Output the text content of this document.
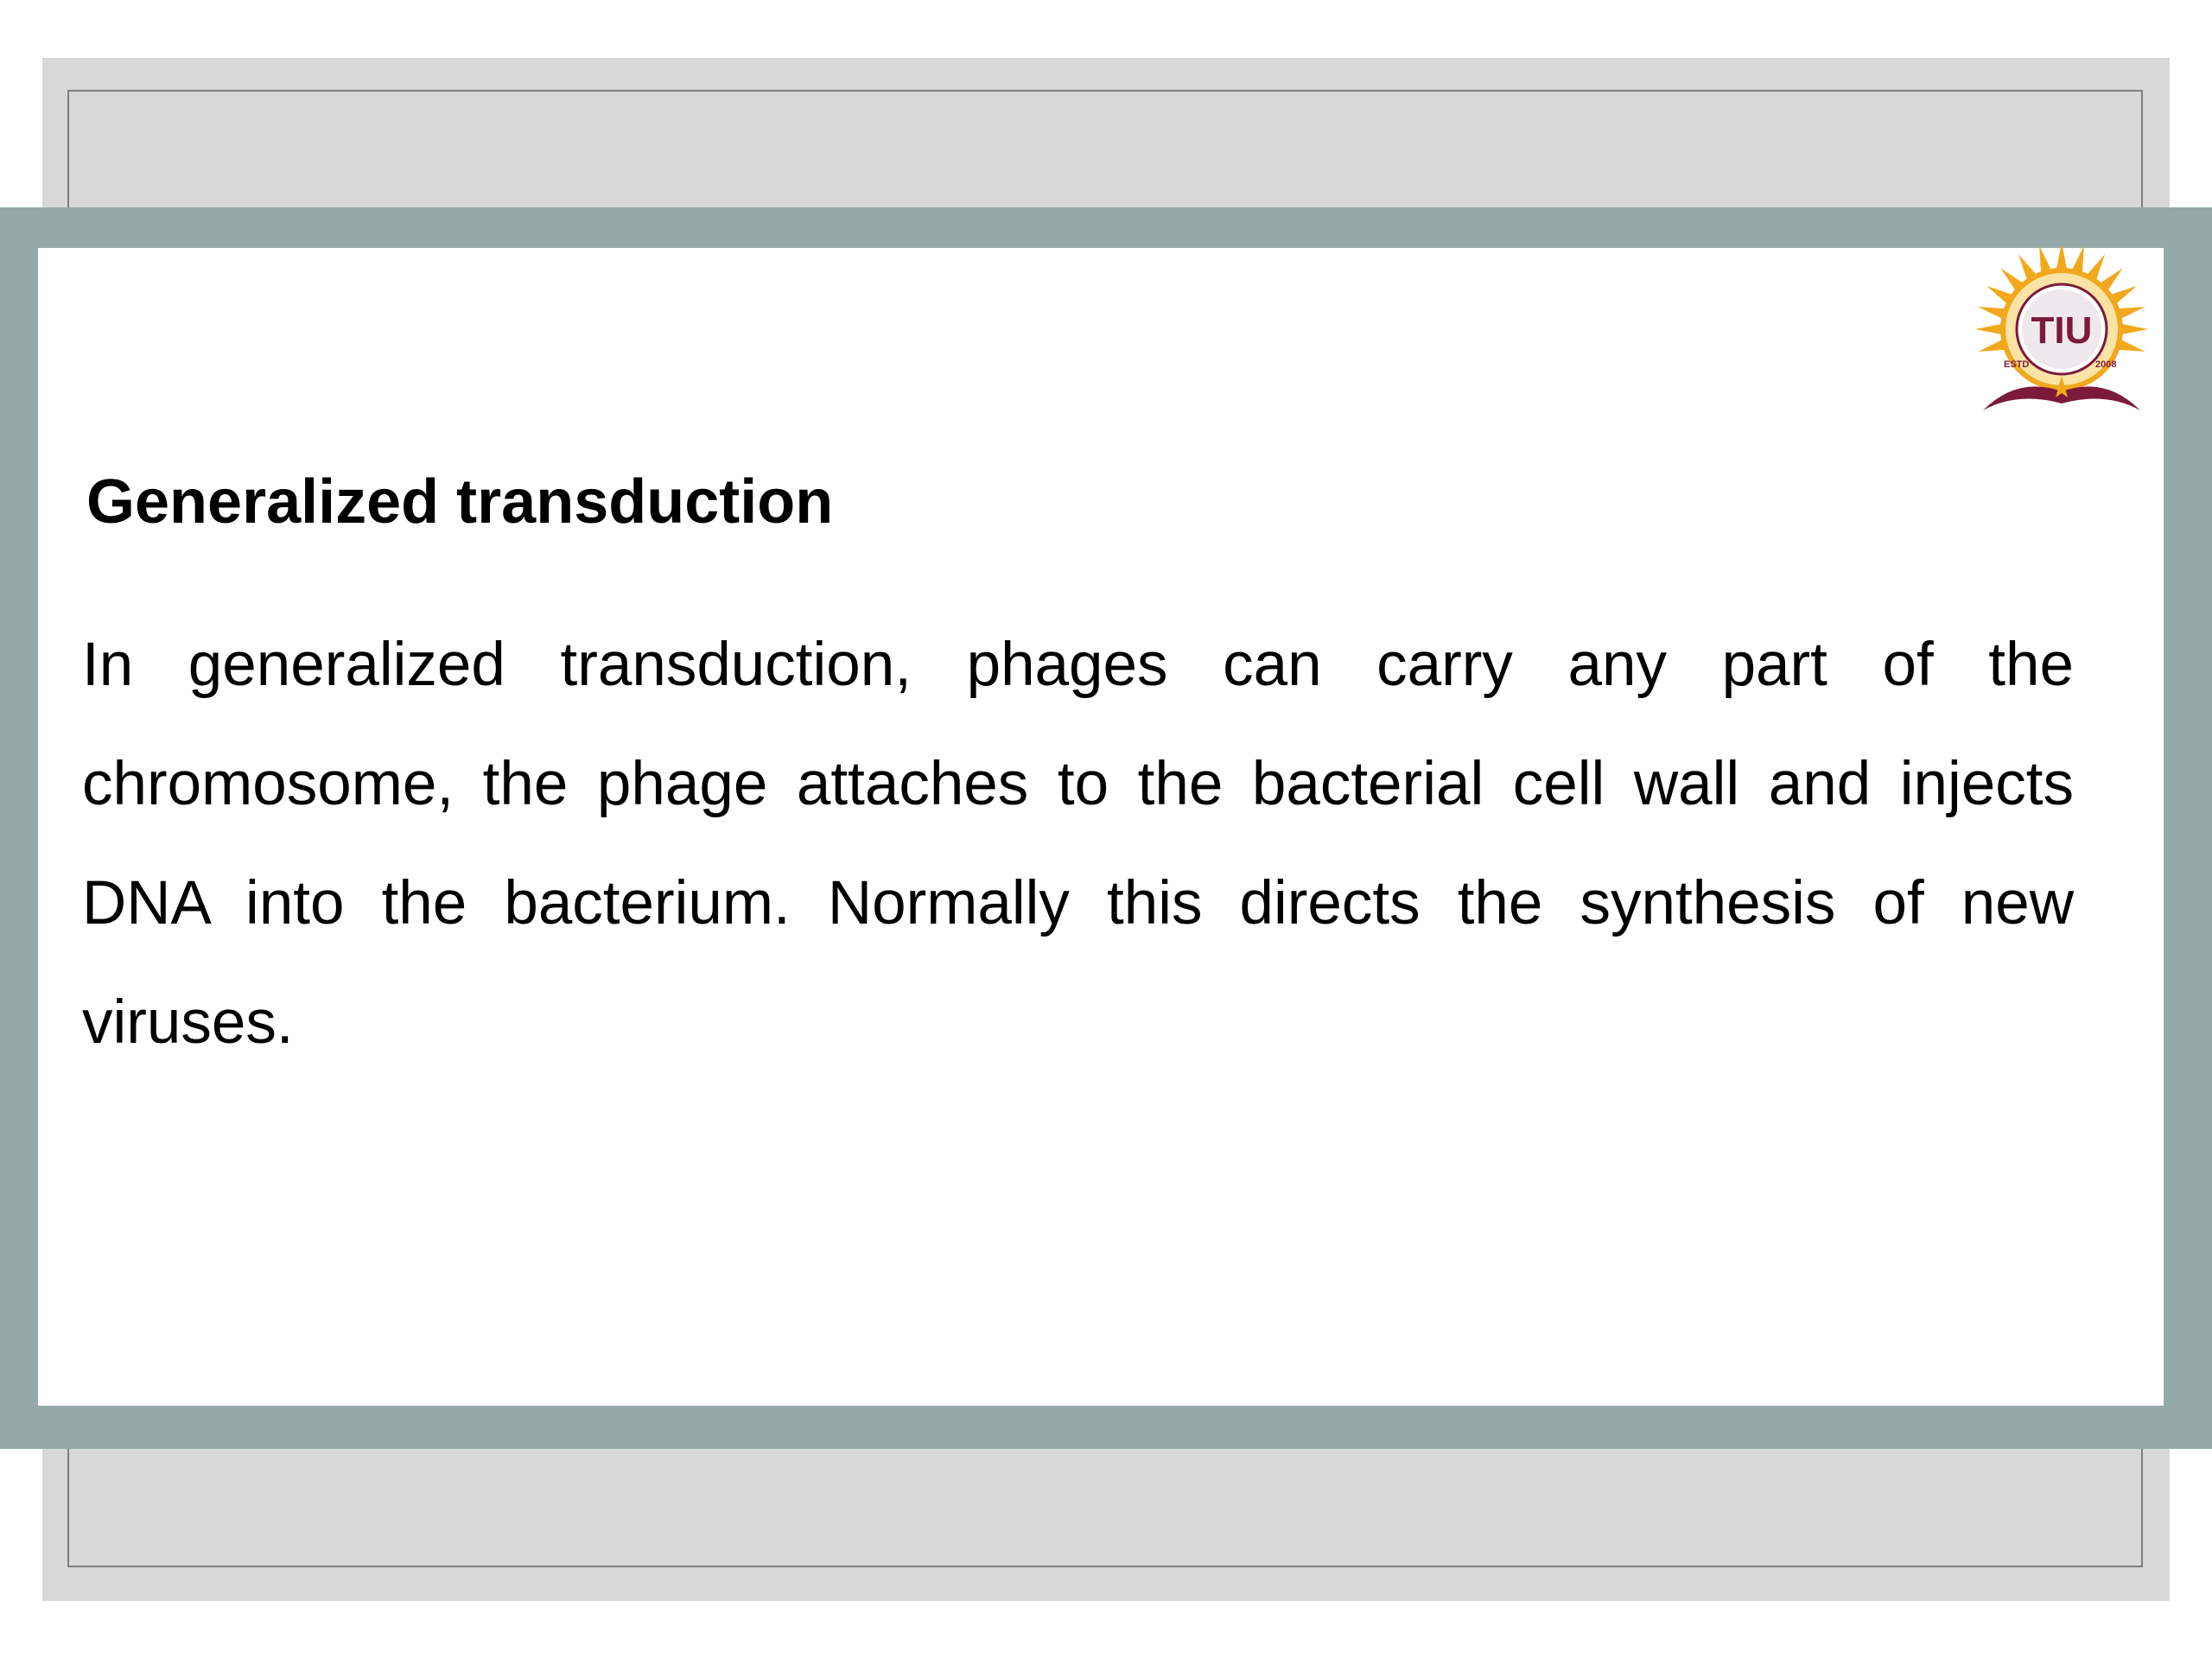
TIU
ESTD	2008
Generalized transduction
In generalized transduction, phages can carry any part of the chromosome, the phage attaches to the bacterial cell wall and injects DNA into the bacterium. Normally this directs the synthesis of new viruses.
